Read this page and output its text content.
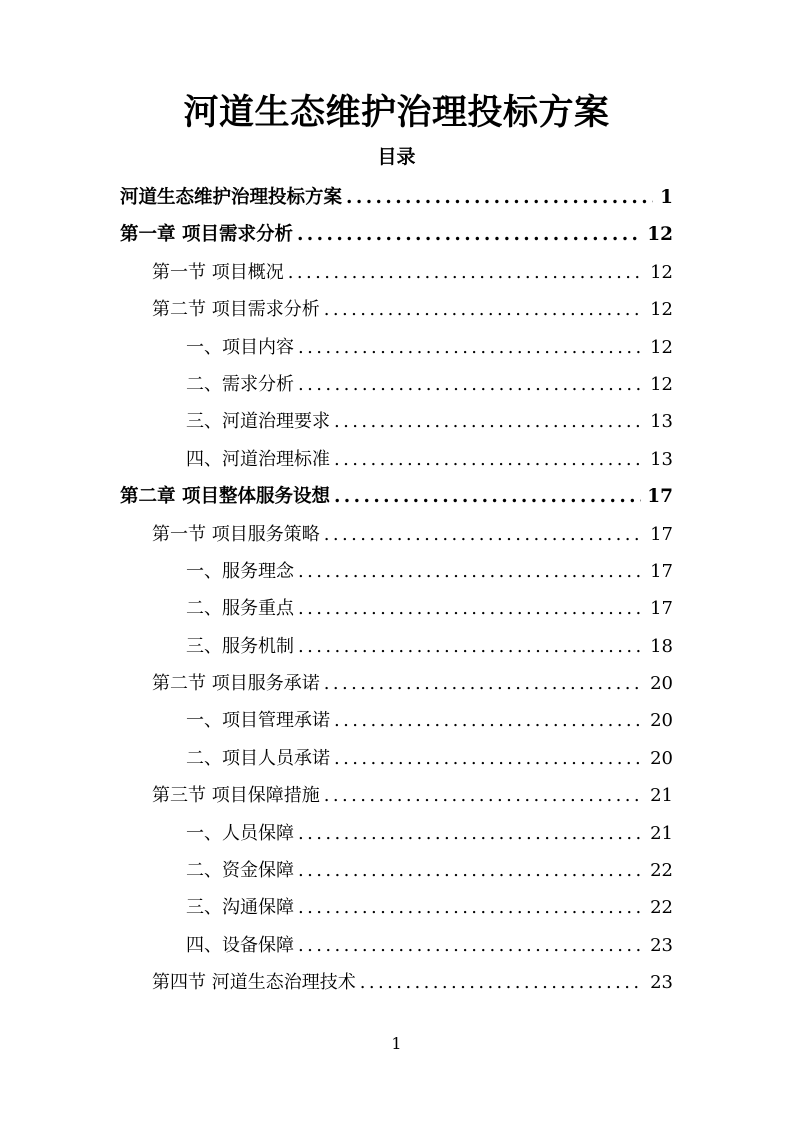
河道生态维护治理投标方案
目录
河道生态维护治理投标方案 .....	1
第一章 项目需求分析 .....	12
第一节 项目概况 .....	12
第二节 项目需求分析 .....	12
一、项目内容 .....	12
二、需求分析 .....	12
三、河道治理要求 .....	13
四、河道治理标准 .....	13
第二章 项目整体服务设想 .....	17
第一节 项目服务策略 .....	17
一、服务理念 .....	17
二、服务重点 .....	17
三、服务机制 .....	18
第二节 项目服务承诺 .....	20
一、项目管理承诺 .....	20
二、项目人员承诺 .....	20
第三节 项目保障措施 .....	21
一、人员保障 .....	21
二、资金保障 .....	22
三、沟通保障 .....	22
四、设备保障 .....	23
第四节 河道生态治理技术 .....	23
1
